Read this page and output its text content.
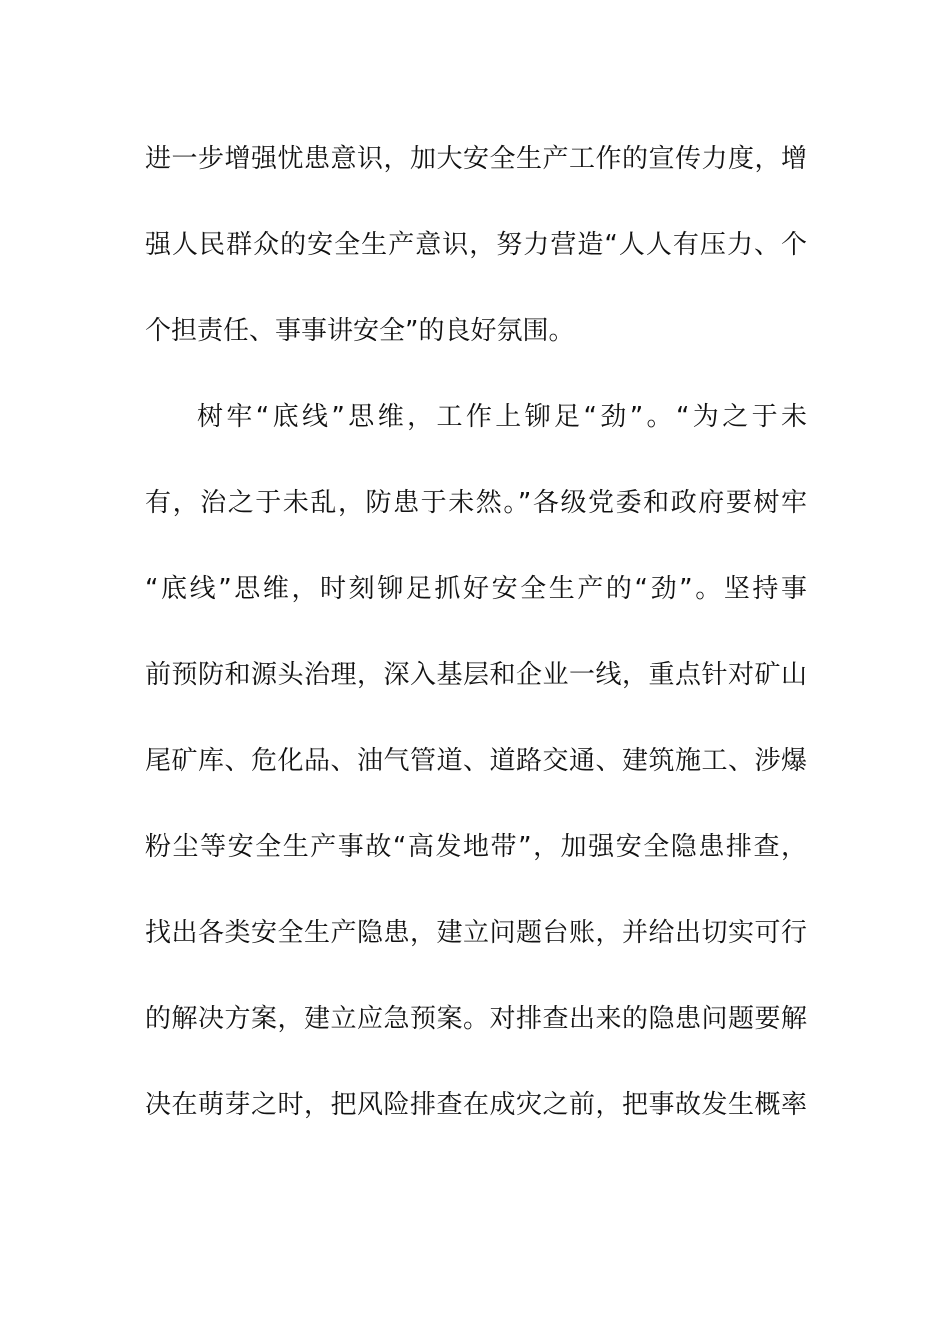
进一步增强忧患意识，加大安全生产工作的宣传力度，增
强人民群众的安全生产意识，努力营造“人人有压力、个
个担责任、事事讲安全”的良好氛围。
树牢“底线”思维，工作上铆足“劲”。“为之于未
有，治之于未乱，防患于未然。”各级党委和政府要树牢
“底线”思维，时刻铆足抓好安全生产的“劲”。坚持事
前预防和源头治理，深入基层和企业一线，重点针对矿山
尾矿库、危化品、油气管道、道路交通、建筑施工、涉爆
粉尘等安全生产事故“高发地带”，加强安全隐患排查，
找出各类安全生产隐患，建立问题台账，并给出切实可行
的解决方案，建立应急预案。对排查出来的隐患问题要解
决在萌芽之时，把风险排查在成灾之前，把事故发生概率
